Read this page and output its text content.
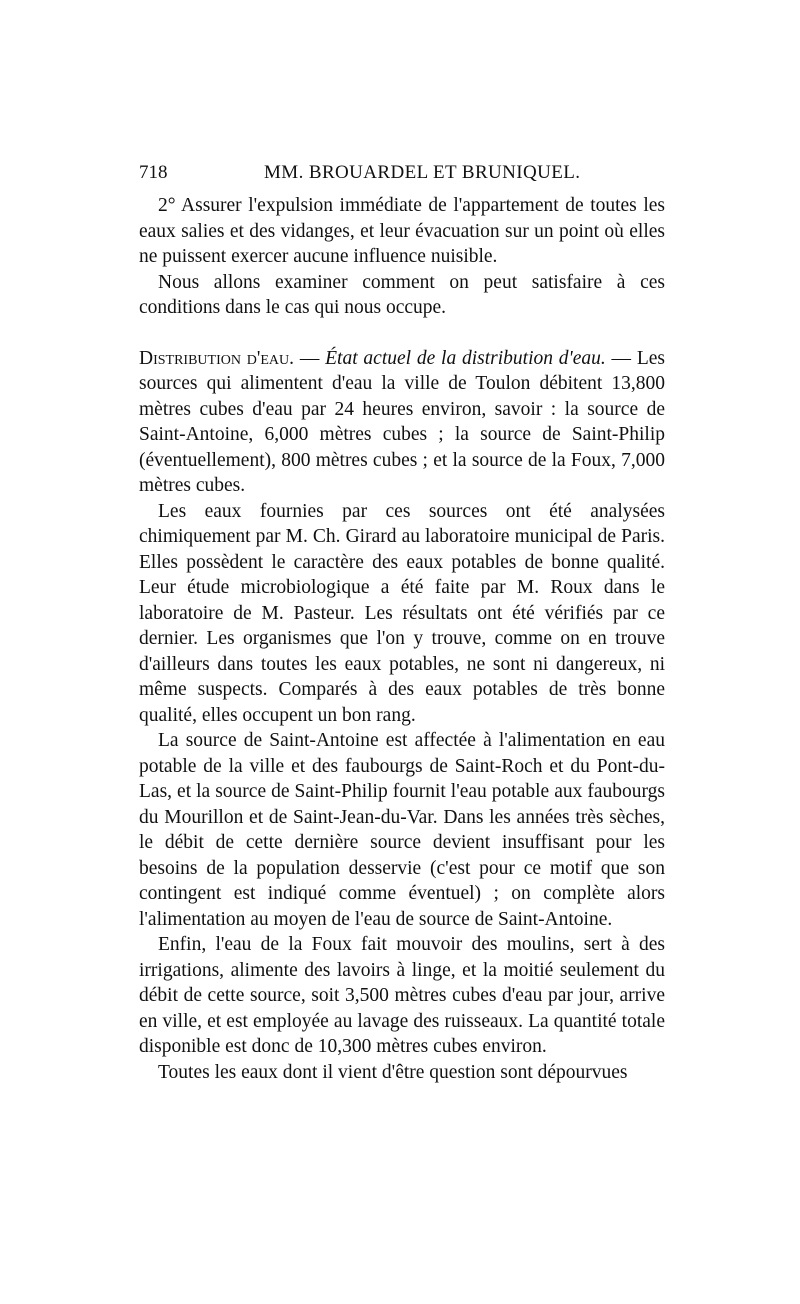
718	MM. BROUARDEL ET BRUNIQUEL.

2° Assurer l'expulsion immédiate de l'appartement de toutes les eaux salies et des vidanges, et leur évacuation sur un point où elles ne puissent exercer aucune influence nuisible.

Nous allons examiner comment on peut satisfaire à ces conditions dans le cas qui nous occupe.

Distribution d'eau. — État actuel de la distribution d'eau. — Les sources qui alimentent d'eau la ville de Toulon débitent 13,800 mètres cubes d'eau par 24 heures environ, savoir : la source de Saint-Antoine, 6,000 mètres cubes ; la source de Saint-Philip (éventuellement), 800 mètres cubes ; et la source de la Foux, 7,000 mètres cubes.

Les eaux fournies par ces sources ont été analysées chimiquement par M. Ch. Girard au laboratoire municipal de Paris. Elles possèdent le caractère des eaux potables de bonne qualité. Leur étude microbiologique a été faite par M. Roux dans le laboratoire de M. Pasteur. Les résultats ont été vérifiés par ce dernier. Les organismes que l'on y trouve, comme on en trouve d'ailleurs dans toutes les eaux potables, ne sont ni dangereux, ni même suspects. Comparés à des eaux potables de très bonne qualité, elles occupent un bon rang.

La source de Saint-Antoine est affectée à l'alimentation en eau potable de la ville et des faubourgs de Saint-Roch et du Pont-du-Las, et la source de Saint-Philip fournit l'eau potable aux faubourgs du Mourillon et de Saint-Jean-du-Var. Dans les années très sèches, le débit de cette dernière source devient insuffisant pour les besoins de la population desservie (c'est pour ce motif que son contingent est indiqué comme éventuel) ; on complète alors l'alimentation au moyen de l'eau de source de Saint-Antoine.

Enfin, l'eau de la Foux fait mouvoir des moulins, sert à des irrigations, alimente des lavoirs à linge, et la moitié seulement du débit de cette source, soit 3,500 mètres cubes d'eau par jour, arrive en ville, et est employée au lavage des ruisseaux. La quantité totale disponible est donc de 10,300 mètres cubes environ.

Toutes les eaux dont il vient d'être question sont dépourvues
